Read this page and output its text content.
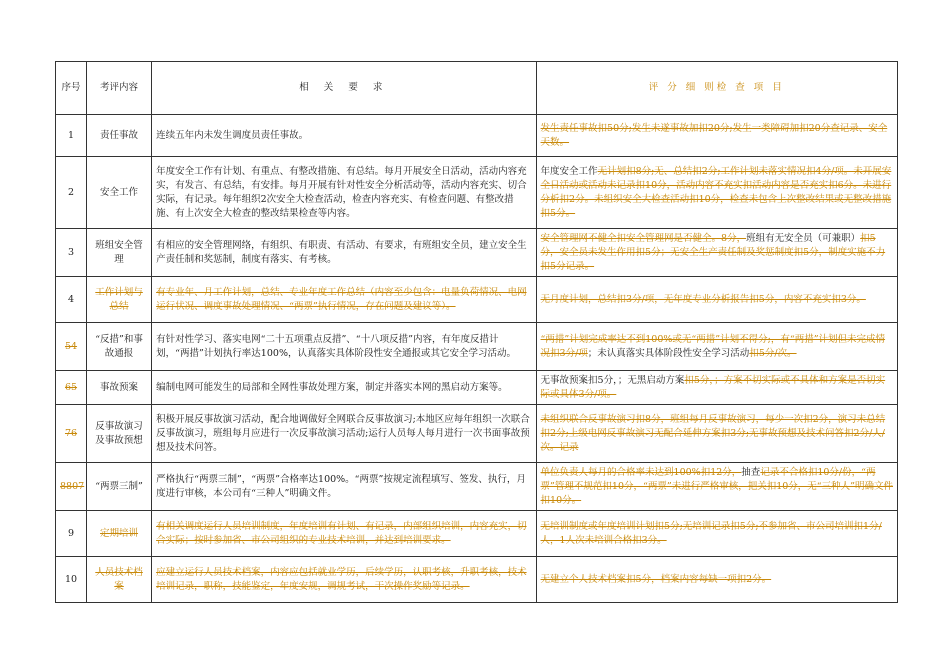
序号	考评内容	相 关 要 求	评 分 细 则检 查 项 目
1	责任事故	连续五年内未发生调度员责任事故。	发生责任事故扣50分;发生未遂事故加扣20分;发生一类障碍加扣20分查记录、安全天数。
2	安全工作	年度安全工作有计划、有重点、有整改措施、有总结。每月开展安全日活动，活动内容充实，有发言、有总结，有安排。每月开展有针对性安全分析活动等，活动内容充实、切合实际，有记录。每年组织2次安全大检查活动，检查内容充实、有检查问题、有整改措施、有上次安全大检查的整改结果检查等内容。	年度安全工作无计划扣8分;无、总结扣2分;工作计划未落实情况扣4分/项。未开展安全日活动或活动未记录扣10分，活动内容不充实扣活动内容是否充实扣6分。未进行分析扣2分。未组织安全大检查活动扣10分，检查未包含上次整改结果或无整改措施扣5分。
3	班组安全管理	有相应的安全管理网络，有组织、有职责、有活动、有要求，有班组安全员，建立安全生产责任制和奖惩制，制度有落实、有考核。	安全管理网不健全扣安全管理网是否健全。8分，班组有无安全员（可兼职）扣5分，安全员未发生作用扣5分；无安全生产责任制及奖惩制度扣5分，制度实施不力扣5分记录。
4	工作计划与总结	有专业年、月工作计划，总结、专业年度工作总结（内容至少包含：电量负荷情况、电网运行状况、调度事故处理情况、“两票”执行情况，存在问题及建议等）。	无月度计划，总结扣3分/项，无年度专业分析报告扣5分，内容不充实扣3分。
54	“反措”和事故通报	有针对性学习、落实电网“二十五项重点反措”、“十八项反措”内容，有年度反措计划，“两措”计划执行率达100%，认真落实具体阶段性安全通报或其它安全学习活动。	“两措”计划完成率达不到100%或无“两措”计划不得分;，有“两措”计划但未完成情况扣3分/项；未认真落实具体阶段性安全学习活动扣5分/次。
65	事故预案	编制电网可能发生的局部和全网性事故处理方案，制定并落实本网的黑启动方案等。	无事故预案扣5分，；无黑启动方案扣5分，；方案不切实际或不具体和方案是否切实际或具体3分/项。
76	反事故演习及事故预想	积极开展反事故演习活动，配合地调做好全网联合反事故演习;本地区应每年组织一次联合反事故演习，班组每月应进行一次反事故演习活动;运行人员每人每月进行一次书面事故预想及技术问答。	未组织联合反事故演习扣8分，班组每月反事故演习，每少一次扣2分，演习未总结扣2分;上级电网反事故演习无配合延伸方案扣3分;无事故预想及技术问答扣2分/人/次。记录
8807	“两票三制”	严格执行“两票三制”，“两票”合格率达100%。“两票”按规定流程填写、签发、执行，月度进行审核，本公司有“三种人”明确文件。	单位负责人每月的合格率未达到100%扣12分，抽查记录不合格扣10分/份，“两票”管理不规范扣10分，“两票”未进行严格审核，把关扣10分，无“三种人”明确文件扣10分。
9	定期培训	有相关调度运行人员培训制度，年度培训有计划、有记录，内部组织培训，内容充实，切合实际；按时参加省、市公司组织的专业技术培训，并达到培训要求。	无培训制度或年度培训计划扣5分;无培训记录扣5分;不参加省、市公司培训扣1分/人，1人次未培训合格扣3分。
10	人员技术档案	应建立运行人员技术档案，内容应包括就业学历，后续学历，认职考核，升职考核，技术培训记录，职称，技能鉴定，年度安规，调规考试，干次操作奖励等记录。	无建立个人技术档案扣5分，档案内容每缺一项扣2分。
